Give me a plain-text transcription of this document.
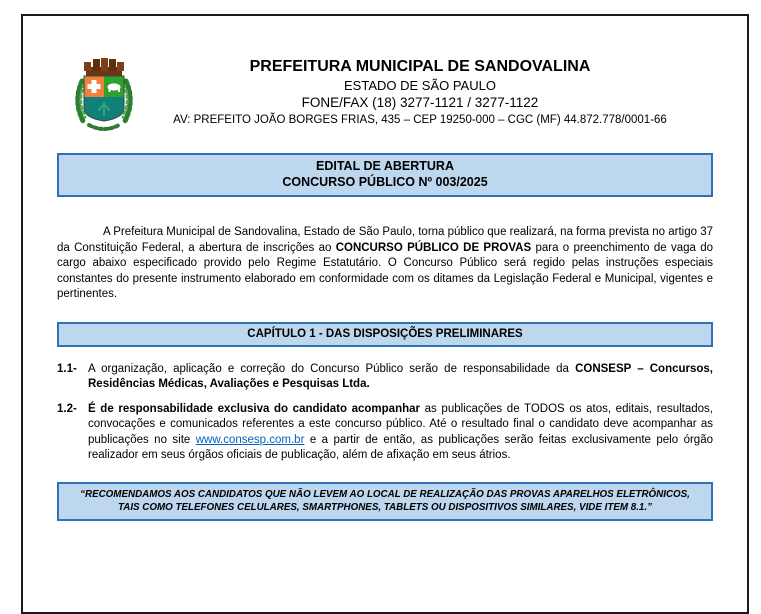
PREFEITURA MUNICIPAL DE SANDOVALINA
ESTADO DE SÃO PAULO
FONE/FAX (18) 3277-1121 / 3277-1122
AV: PREFEITO JOÃO BORGES FRIAS, 435 – CEP 19250-000 – CGC (MF) 44.872.778/0001-66
EDITAL DE ABERTURA
CONCURSO PÚBLICO Nº 003/2025

A Prefeitura Municipal de Sandovalina, Estado de São Paulo, torna público que realizará, na forma prevista no artigo 37 da Constituição Federal, a abertura de inscrições ao CONCURSO PÚBLICO DE PROVAS para o preenchimento de vaga do cargo abaixo especificado provido pelo Regime Estatutário. O Concurso Público será regido pelas instruções especiais constantes do presente instrumento elaborado em conformidade com os ditames da Legislação Federal e Municipal, vigentes e pertinentes.

CAPÍTULO 1 - DAS DISPOSIÇÕES PRELIMINARES
1.1- A organização, aplicação e correção do Concurso Público serão de responsabilidade da CONSESP – Concursos, Residências Médicas, Avaliações e Pesquisas Ltda.
1.2- É de responsabilidade exclusiva do candidato acompanhar as publicações de TODOS os atos, editais, resultados, convocações e comunicados referentes a este concurso público. Até o resultado final o candidato deve acompanhar as publicações no site www.consesp.com.br e a partir de então, as publicações serão feitas exclusivamente pelo órgão realizador em seus órgãos oficiais de publicação, além de afixação em seus átrios.
“RECOMENDAMOS AOS CANDIDATOS QUE NÃO LEVEM AO LOCAL DE REALIZAÇÃO DAS PROVAS APARELHOS ELETRÔNICOS, TAIS COMO TELEFONES CELULARES, SMARTPHONES, TABLETS OU DISPOSITIVOS SIMILARES, VIDE ITEM 8.1.”
